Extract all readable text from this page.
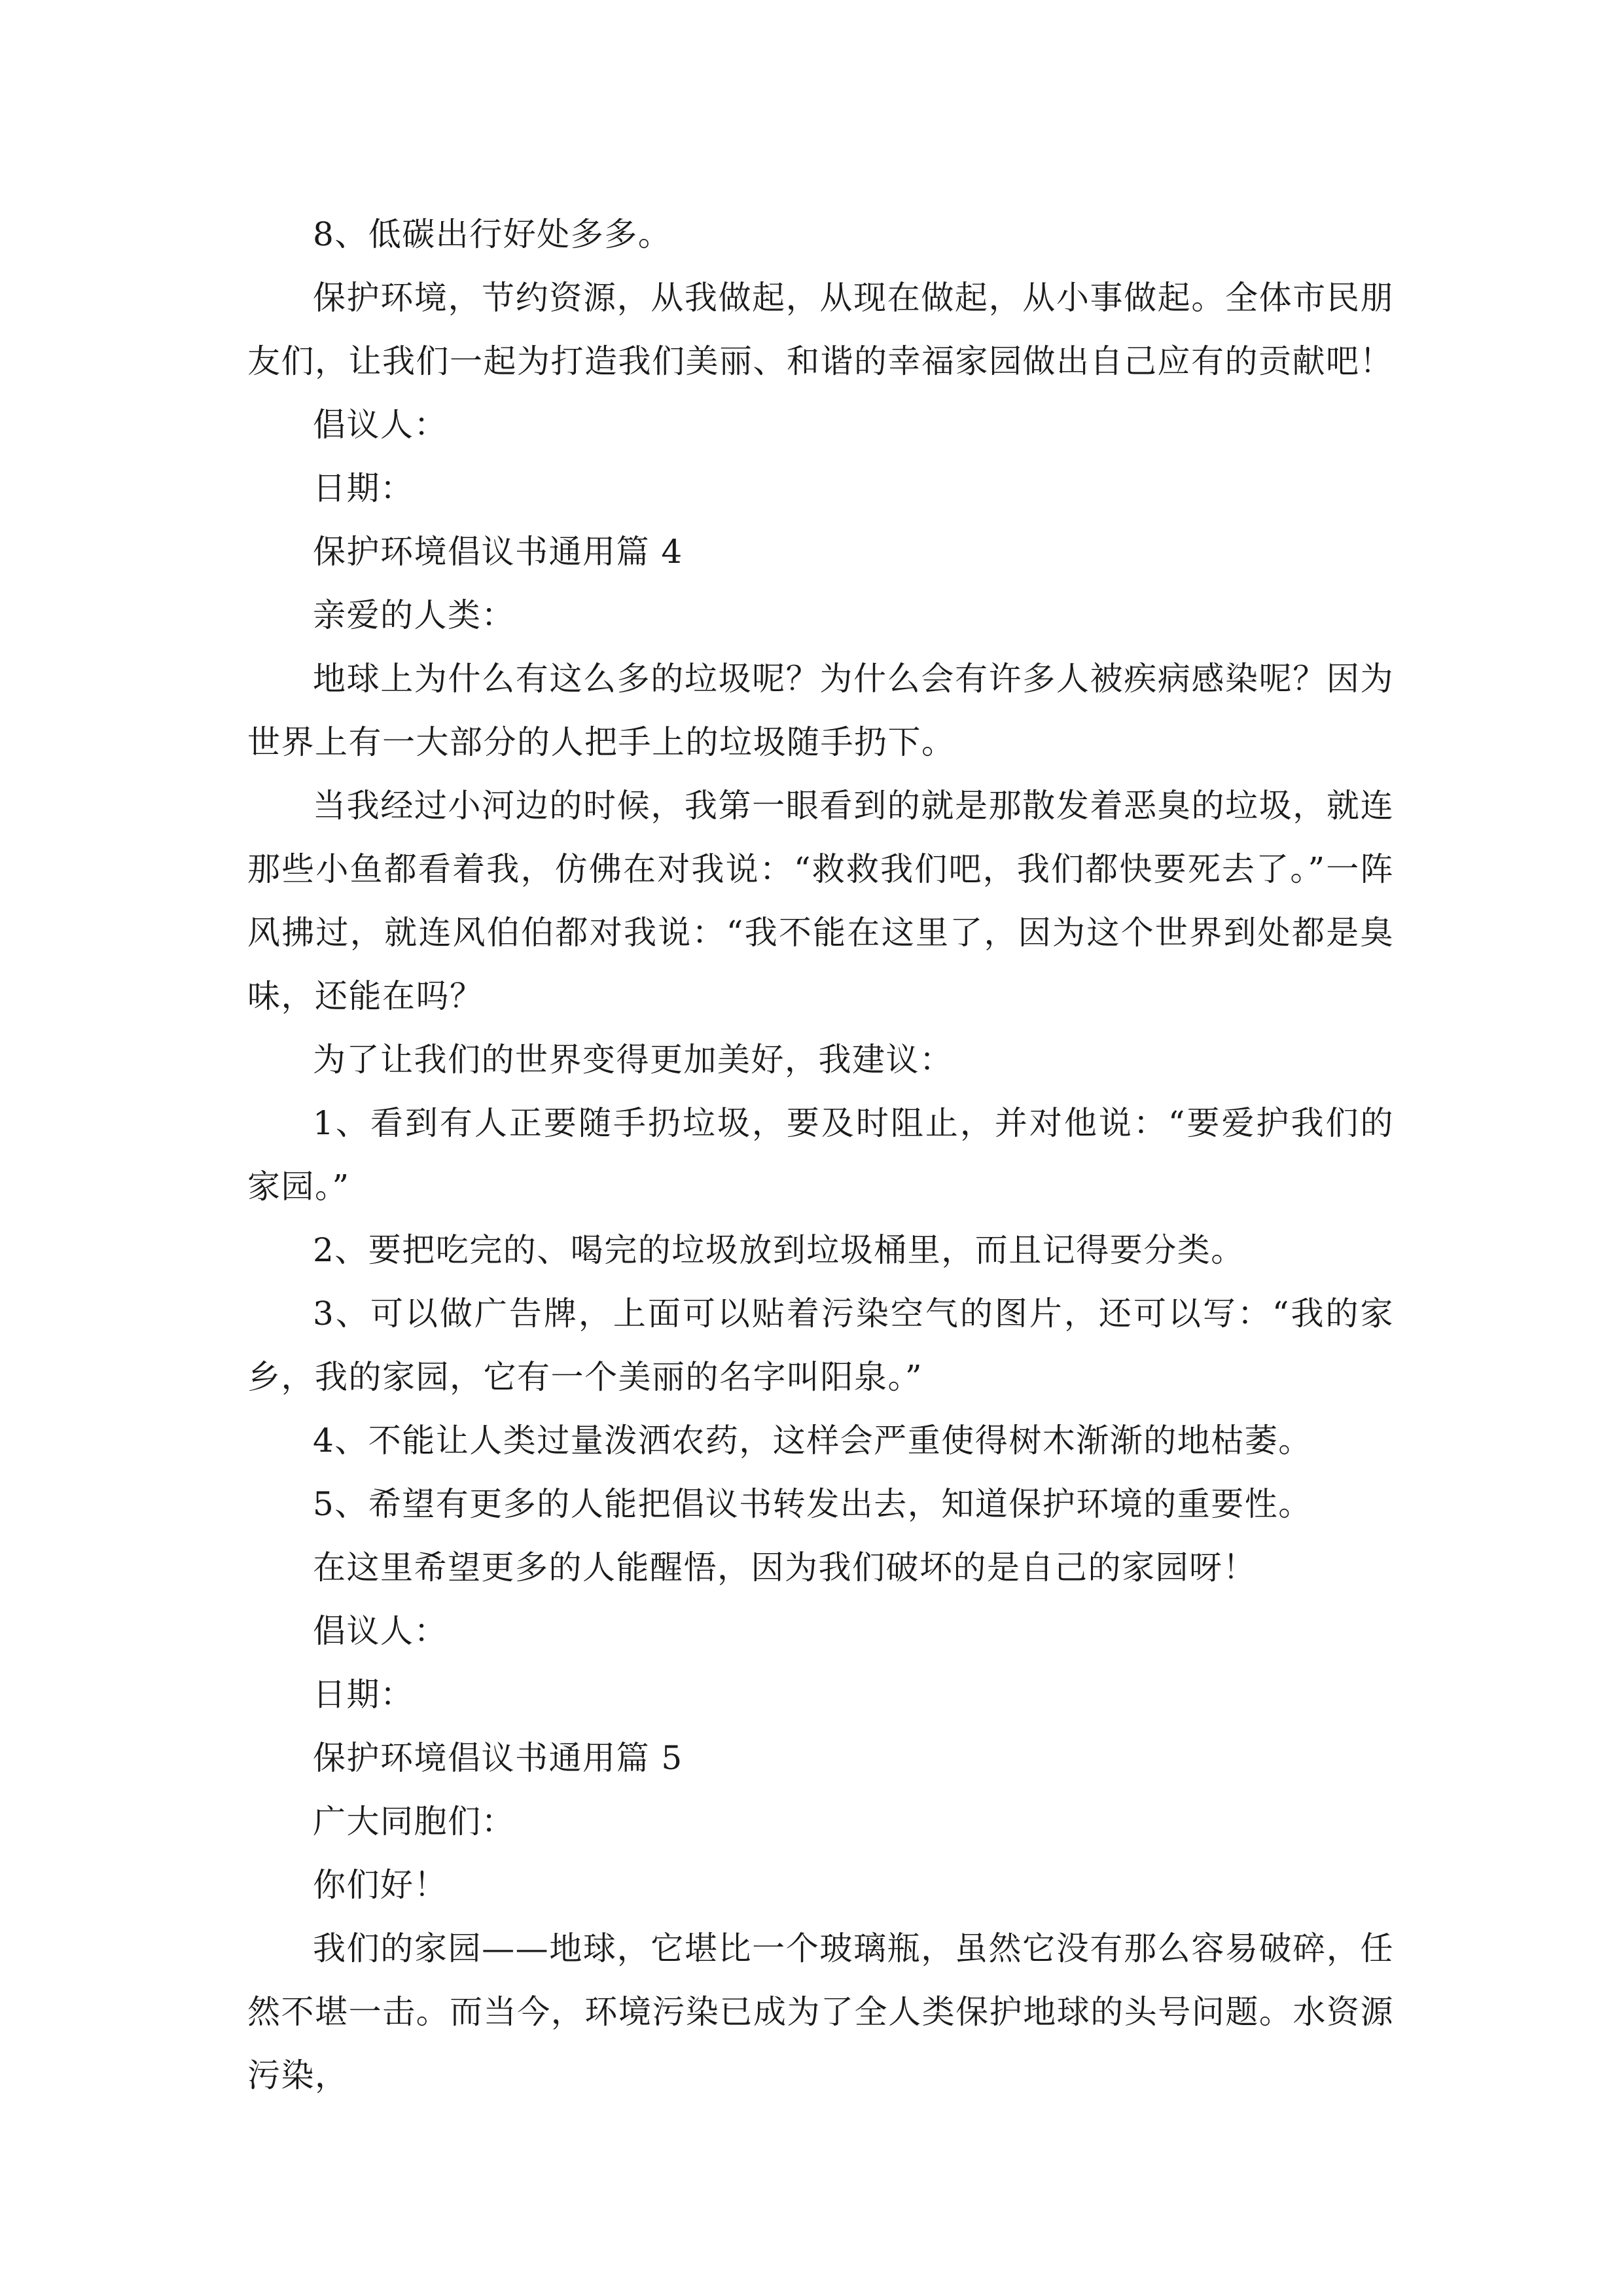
8、低碳出行好处多多。

保护环境，节约资源，从我做起，从现在做起，从小事做起。全体市民朋友们，让我们一起为打造我们美丽、和谐的幸福家园做出自己应有的贡献吧！

倡议人：

日期：

保护环境倡议书通用篇 4

亲爱的人类：

地球上为什么有这么多的垃圾呢？为什么会有许多人被疾病感染呢？因为世界上有一大部分的人把手上的垃圾随手扔下。

当我经过小河边的时候，我第一眼看到的就是那散发着恶臭的垃圾，就连那些小鱼都看着我，仿佛在对我说：“救救我们吧，我们都快要死去了。”一阵风拂过，就连风伯伯都对我说：“我不能在这里了，因为这个世界到处都是臭味，还能在吗？

为了让我们的世界变得更加美好，我建议：

1、看到有人正要随手扔垃圾，要及时阻止，并对他说：“要爱护我们的家园。”

2、要把吃完的、喝完的垃圾放到垃圾桶里，而且记得要分类。

3、可以做广告牌，上面可以贴着污染空气的图片，还可以写：“我的家乡，我的家园，它有一个美丽的名字叫阳泉。”

4、不能让人类过量泼洒农药，这样会严重使得树木渐渐的地枯萎。

5、希望有更多的人能把倡议书转发出去，知道保护环境的重要性。

在这里希望更多的人能醒悟，因为我们破坏的是自己的家园呀！

倡议人：

日期：

保护环境倡议书通用篇 5

广大同胞们：

你们好！

我们的家园——地球，它堪比一个玻璃瓶，虽然它没有那么容易破碎，任然不堪一击。而当今，环境污染已成为了全人类保护地球的头号问题。水资源污染，
